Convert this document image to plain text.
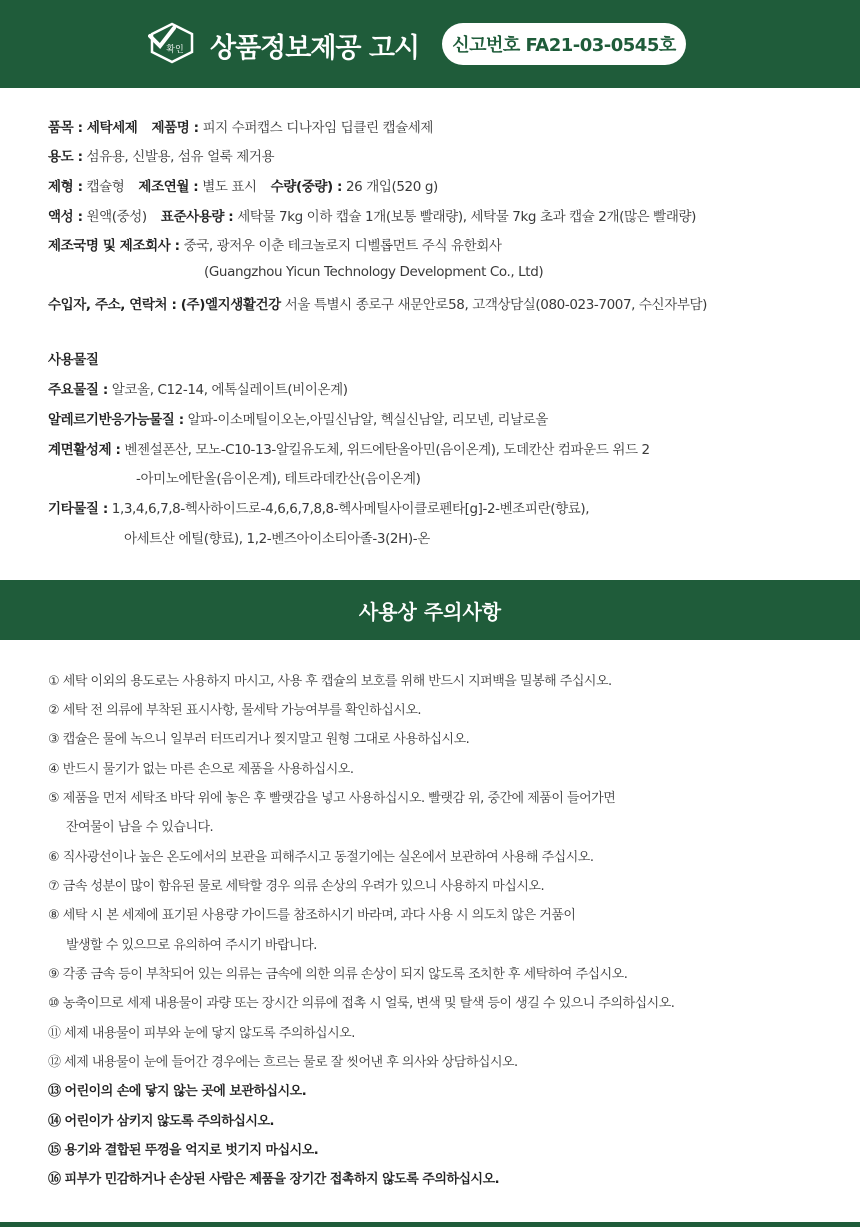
확인 상품정보제공 고시	신고번호 FA21-03-0545호
품목 : 세탁세제 제품명 : 피지 수퍼캡스 디나자임 딥클린 캡슐세제
용도 : 섬유용, 신발용, 섬유 얼룩 제거용
제형 : 캡슐형 제조연월 : 별도 표시 수량(중량) : 26 개입(520 g)
액성 : 원액(중성) 표준사용량 : 세탁물 7kg 이하 캡슐 1개(보통 빨래량), 세탁물 7kg 초과 캡슐 2개(많은 빨래량)
제조국명 및 제조회사 : 중국, 광저우 이춘 테크놀로지 디벨롭먼트 주식 유한회사
(Guangzhou Yicun Technology Development Co., Ltd)
수입자, 주소, 연락처 : (주)엘지생활건강 서울 특별시 종로구 새문안로58, 고객상담실(080-023-7007, 수신자부담)
사용물질
주요물질 : 알코올, C12-14, 에톡실레이트(비이온계)
알레르기반응가능물질 : 알파-이소메틸이오논,아밀신남알, 헥실신남알, 리모넨, 리날로올
계면활성제 : 벤젠설폰산, 모노-C10-13-알킬유도체, 위드에탄올아민(음이온계), 도데칸산 컴파운드 위드 2
-아미노에탄올(음이온계), 테트라데칸산(음이온계)
기타물질 : 1,3,4,6,7,8-헥사하이드로-4,6,6,7,8,8-헥사메틸사이클로펜타[g]-2-벤조피란(향료),
아세트산 에틸(향료), 1,2-벤즈아이소티아졸-3(2H)-온
사용상 주의사항
① 세탁 이외의 용도로는 사용하지 마시고, 사용 후 캡슐의 보호를 위해 반드시 지퍼백을 밀봉해 주십시오.
② 세탁 전 의류에 부착된 표시사항, 물세탁 가능여부를 확인하십시오.
③ 캡슐은 물에 녹으니 일부러 터뜨리거나 찢지말고 원형 그대로 사용하십시오.
④ 반드시 물기가 없는 마른 손으로 제품을 사용하십시오.
⑤ 제품을 먼저 세탁조 바닥 위에 놓은 후 빨랫감을 넣고 사용하십시오. 빨랫감 위, 중간에 제품이 들어가면
잔여물이 남을 수 있습니다.
⑥ 직사광선이나 높은 온도에서의 보관을 피해주시고 동절기에는 실온에서 보관하여 사용해 주십시오.
⑦ 금속 성분이 많이 함유된 물로 세탁할 경우 의류 손상의 우려가 있으니 사용하지 마십시오.
⑧ 세탁 시 본 세제에 표기된 사용량 가이드를 참조하시기 바라며, 과다 사용 시 의도치 않은 거품이
발생할 수 있으므로 유의하여 주시기 바랍니다.
⑨ 각종 금속 등이 부착되어 있는 의류는 금속에 의한 의류 손상이 되지 않도록 조치한 후 세탁하여 주십시오.
⑩ 농축이므로 세제 내용물이 과량 또는 장시간 의류에 접촉 시 얼룩, 변색 및 탈색 등이 생길 수 있으니 주의하십시오.
⑪ 세제 내용물이 피부와 눈에 닿지 않도록 주의하십시오.
⑫ 세제 내용물이 눈에 들어간 경우에는 흐르는 물로 잘 씻어낸 후 의사와 상담하십시오.
⑬ 어린이의 손에 닿지 않는 곳에 보관하십시오.
⑭ 어린이가 삼키지 않도록 주의하십시오.
⑮ 용기와 결합된 뚜껑을 억지로 벗기지 마십시오.
⑯ 피부가 민감하거나 손상된 사람은 제품을 장기간 접촉하지 않도록 주의하십시오.
